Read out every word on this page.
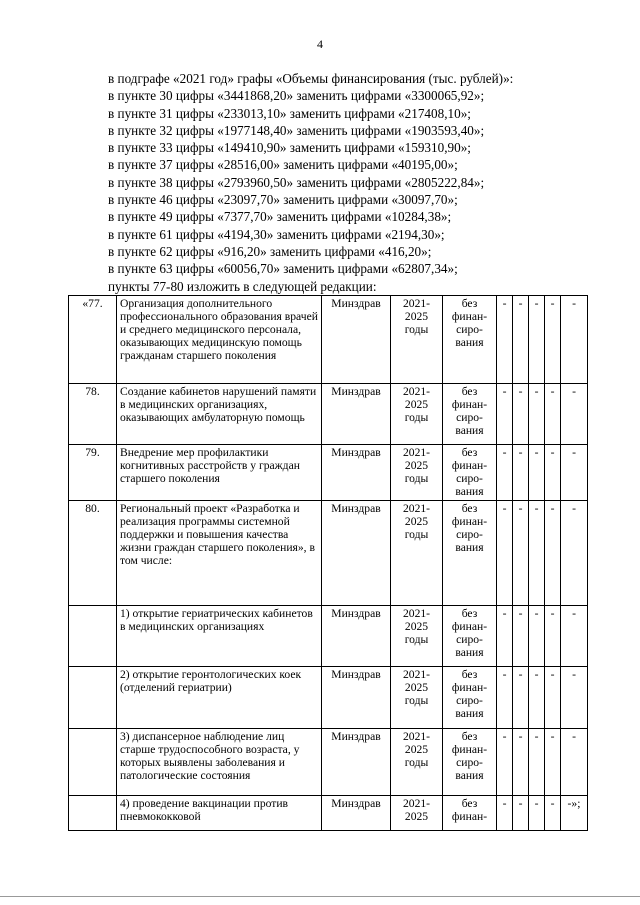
4
в подграфе «2021 год» графы «Объемы финансирования (тыс. рублей)»:
в пункте 30 цифры «3441868,20» заменить цифрами «3300065,92»;
в пункте 31 цифры «233013,10» заменить цифрами «217408,10»;
в пункте 32 цифры «1977148,40» заменить цифрами «1903593,40»;
в пункте 33 цифры «149410,90» заменить цифрами «159310,90»;
в пункте 37 цифры «28516,00» заменить цифрами «40195,00»;
в пункте 38 цифры «2793960,50» заменить цифрами «2805222,84»;
в пункте 46 цифры «23097,70» заменить цифрами «30097,70»;
в пункте 49 цифры «7377,70» заменить цифрами «10284,38»;
в пункте 61 цифры «4194,30» заменить цифрами «2194,30»;
в пункте 62 цифры «916,20» заменить цифрами «416,20»;
в пункте 63 цифры «60056,70» заменить цифрами «62807,34»;
пункты 77-80 изложить в следующей редакции:
«77.	Организация дополнительного профессионального образования врачей и среднего медицинского персонала, оказывающих медицинскую помощь гражданам старшего поколения	Минздрав	2021-
2025
годы	без
финан-
сиро-
вания	-	-	-	-	-
78.	Создание кабинетов нарушений памяти в медицинских организациях, оказывающих амбулаторную помощь	Минздрав	2021-
2025
годы	без
финан-
сиро-
вания	-	-	-	-	-
79.	Внедрение мер профилактики когнитивных расстройств у граждан старшего поколения	Минздрав	2021-
2025
годы	без
финан-
сиро-
вания	-	-	-	-	-
80.	Региональный проект «Разработка и реализация программы системной поддержки и повышения качества жизни граждан старшего поколения», в том числе:	Минздрав	2021-
2025
годы	без
финан-
сиро-
вания	-	-	-	-	-
	1) открытие гериатрических кабинетов в медицинских организациях	Минздрав	2021-
2025
годы	без
финан-
сиро-
вания	-	-	-	-	-
	2) открытие геронтологических коек (отделений гериатрии)	Минздрав	2021-
2025
годы	без
финан-
сиро-
вания	-	-	-	-	-
	3) диспансерное наблюдение лиц старше трудоспособного возраста, у которых выявлены заболевания и патологические состояния	Минздрав	2021-
2025
годы	без
финан-
сиро-
вания	-	-	-	-	-
	4) проведение вакцинации против пневмококковой	Минздрав	2021-
2025	без
финан-	-	-	-	-	-»;
